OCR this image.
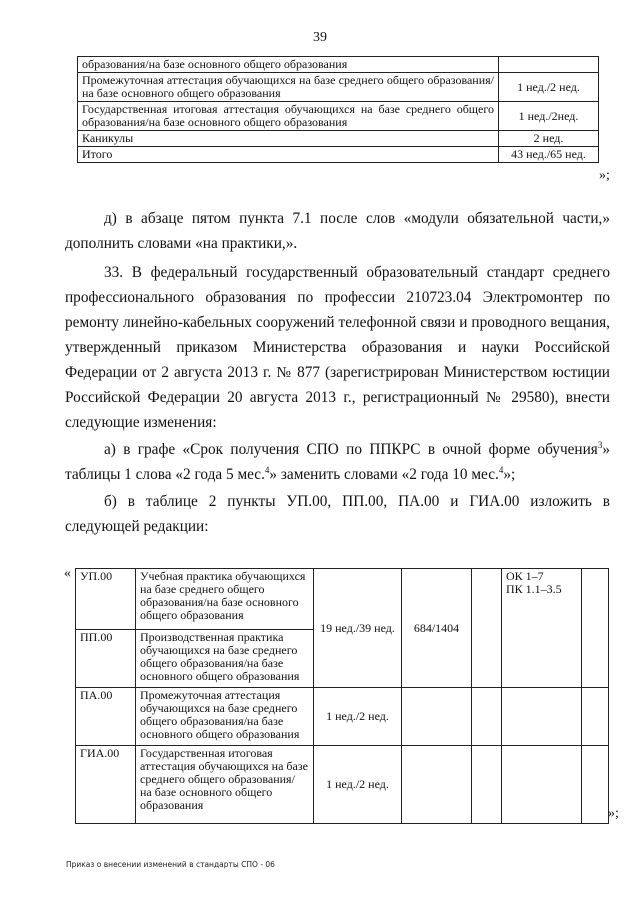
39
образования/на базе основного общего образования	
Промежуточная аттестация обучающихся на базе среднего общего образования/на базе основного общего образования	1 нед./2 нед.
Государственная итоговая аттестация обучающихся на базе среднего общего образования/на базе основного общего образования	1 нед./2нед.
Каникулы	2 нед.
Итого	43 нед./65 нед.
»;

д) в абзаце пятом пункта 7.1 после слов «модули обязательной части,» дополнить словами «на практики,».

33. В федеральный государственный образовательный стандарт среднего профессионального образования по профессии 210723.04 Электромонтер по ремонту линейно-кабельных сооружений телефонной связи и проводного вещания, утвержденный приказом Министерства образования и науки Российской Федерации от 2 августа 2013 г. № 877 (зарегистрирован Министерством юстиции Российской Федерации 20 августа 2013 г., регистрационный № 29580), внести следующие изменения:

а) в графе «Срок получения СПО по ППКРС в очной форме обучения$^3$» таблицы 1 слова «2 года 5 мес.$^4$» заменить словами «2 года 10 мес.$^4$»;

б) в таблице 2 пункты УП.00, ПП.00, ПА.00 и ГИА.00 изложить в следующей редакции:

« УП.00	Учебная практика обучающихся на базе среднего общего образования/на базе основного общего образования	19 нед./39 нед.	684/1404		ОК 1–7
ПК 1.1–3.5	

ПП.00	Производственная практика обучающихся на базе среднего общего образования/на базе основного общего образования					
ПА.00	Промежуточная аттестация обучающихся на базе среднего общего образования/на базе основного общего образования	1 нед./2 нед.				
ГИА.00	Государственная итоговая аттестация обучающихся на базе среднего общего образования/ на базе основного общего образования	1 нед./2 нед.				
»;
Приказ о внесении изменений в стандарты СПО - 06
